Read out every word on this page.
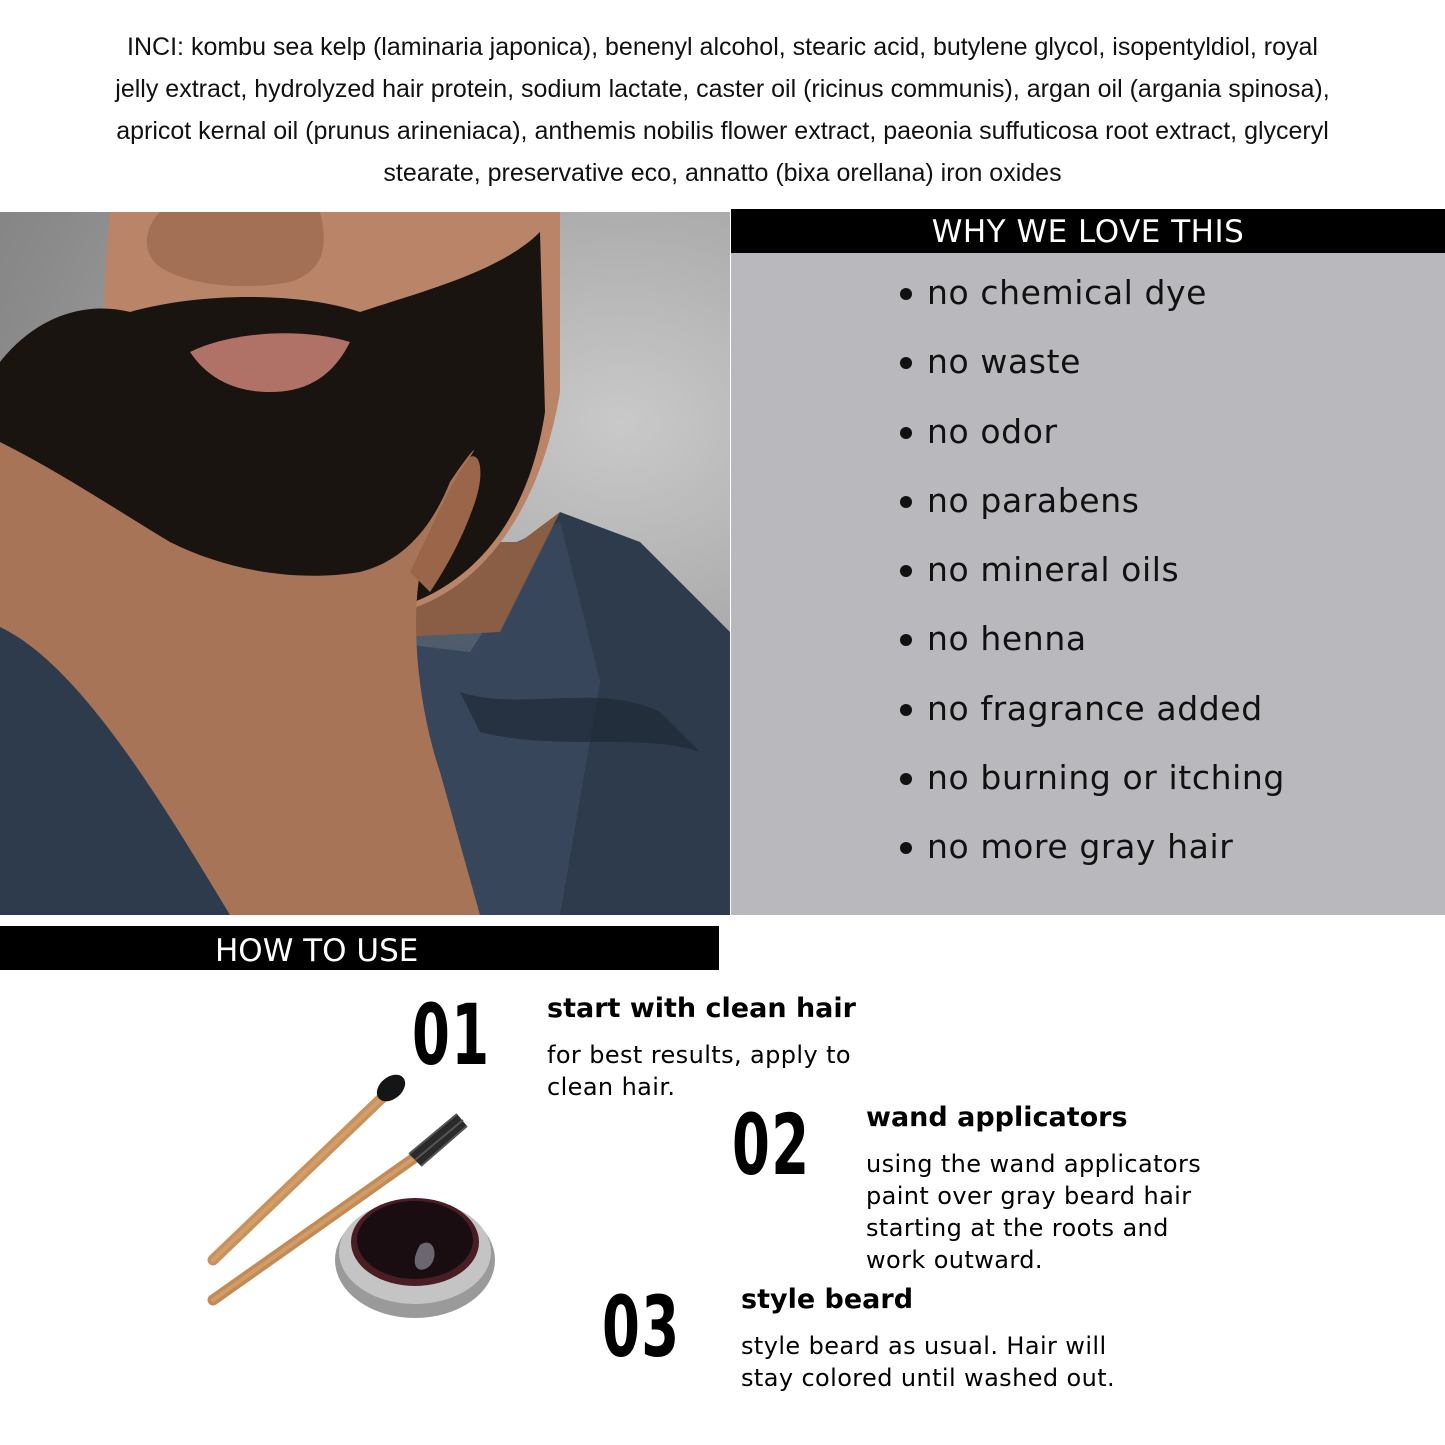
INCI: kombu sea kelp (laminaria japonica), benenyl alcohol, stearic acid, butylene glycol, isopentyldiol, royal
jelly extract, hydrolyzed hair protein, sodium lactate, caster oil (ricinus communis), argan oil (argania spinosa),
apricot kernal oil (prunus arineniaca), anthemis nobilis flower extract, paeonia suffuticosa root extract, glyceryl
stearate, preservative eco, annatto (bixa orellana) iron oxides
WHY WE LOVE THIS
no chemical dye
no waste
no odor
no parabens
no mineral oils
no henna
no fragrance added
no burning or itching
no more gray hair
HOW TO USE
01 start with clean hair
for best results, apply to
clean hair.
02 wand applicators
using the wand applicators
paint over gray beard hair
starting at the roots and
work outward.
03 style beard
style beard as usual. Hair will
stay colored until washed out.
